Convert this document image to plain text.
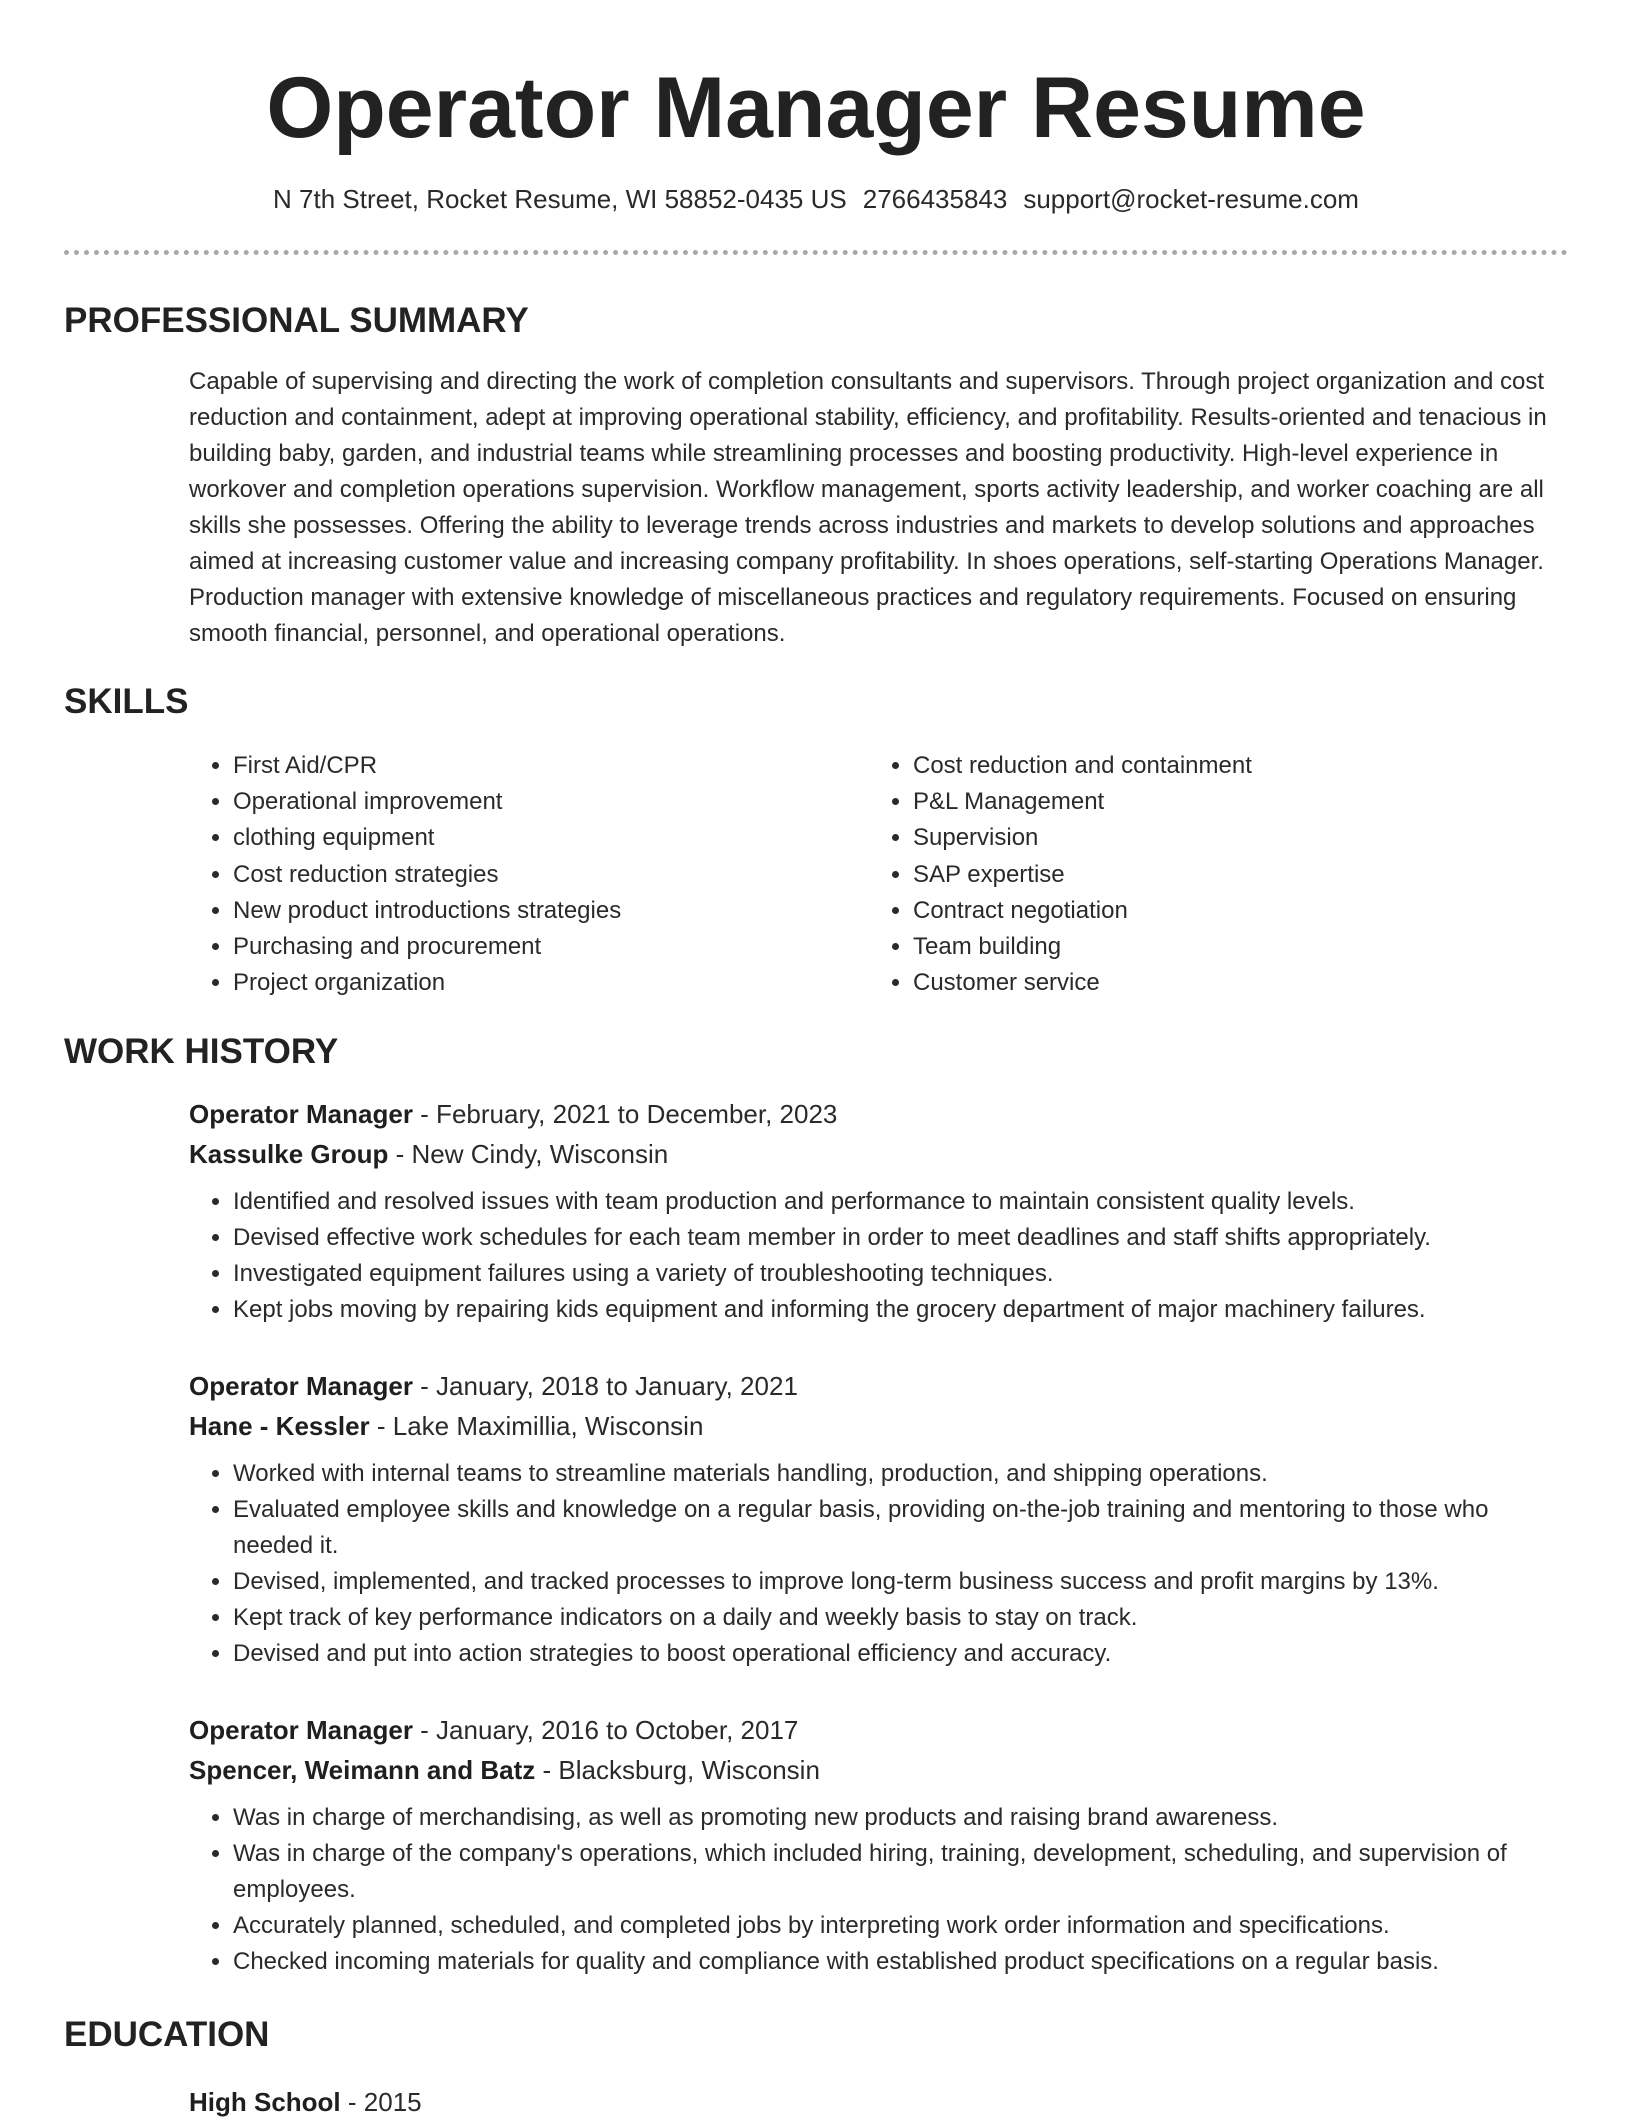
Operator Manager Resume
N 7th Street, Rocket Resume, WI 58852-0435 US 2766435843 support@rocket-resume.com
PROFESSIONAL SUMMARY
Capable of supervising and directing the work of completion consultants and supervisors. Through project organization and cost reduction and containment, adept at improving operational stability, efficiency, and profitability. Results-oriented and tenacious in building baby, garden, and industrial teams while streamlining processes and boosting productivity. High-level experience in workover and completion operations supervision. Workflow management, sports activity leadership, and worker coaching are all skills she possesses. Offering the ability to leverage trends across industries and markets to develop solutions and approaches aimed at increasing customer value and increasing company profitability. In shoes operations, self-starting Operations Manager. Production manager with extensive knowledge of miscellaneous practices and regulatory requirements. Focused on ensuring smooth financial, personnel, and operational operations.
SKILLS
• First Aid/CPR
• Operational improvement
• clothing equipment
• Cost reduction strategies
• New product introductions strategies
• Purchasing and procurement
• Project organization
• Cost reduction and containment
• P&L Management
• Supervision
• SAP expertise
• Contract negotiation
• Team building
• Customer service
WORK HISTORY
Operator Manager - February, 2021 to December, 2023
Kassulke Group - New Cindy, Wisconsin
• Identified and resolved issues with team production and performance to maintain consistent quality levels.
• Devised effective work schedules for each team member in order to meet deadlines and staff shifts appropriately.
• Investigated equipment failures using a variety of troubleshooting techniques.
• Kept jobs moving by repairing kids equipment and informing the grocery department of major machinery failures.
Operator Manager - January, 2018 to January, 2021
Hane - Kessler - Lake Maximillia, Wisconsin
• Worked with internal teams to streamline materials handling, production, and shipping operations.
• Evaluated employee skills and knowledge on a regular basis, providing on-the-job training and mentoring to those who needed it.
• Devised, implemented, and tracked processes to improve long-term business success and profit margins by 13%.
• Kept track of key performance indicators on a daily and weekly basis to stay on track.
• Devised and put into action strategies to boost operational efficiency and accuracy.
Operator Manager - January, 2016 to October, 2017
Spencer, Weimann and Batz - Blacksburg, Wisconsin
• Was in charge of merchandising, as well as promoting new products and raising brand awareness.
• Was in charge of the company's operations, which included hiring, training, development, scheduling, and supervision of employees.
• Accurately planned, scheduled, and completed jobs by interpreting work order information and specifications.
• Checked incoming materials for quality and compliance with established product specifications on a regular basis.
EDUCATION
High School - 2015
